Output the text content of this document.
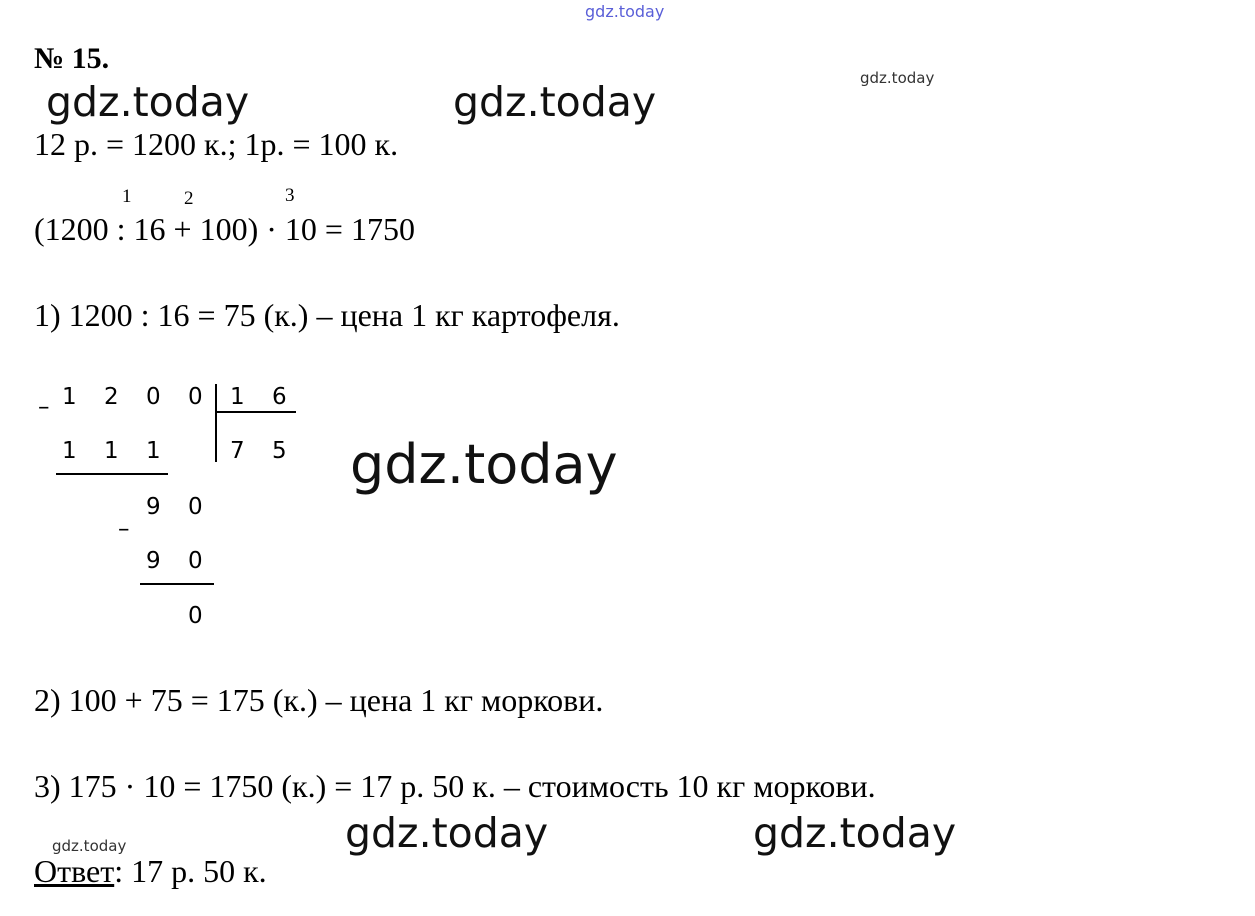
gdz.today
gdz.today
gdz.today	gdz.today
gdz.today
gdz.today	gdz.today	gdz.today
№ 15.
12 р. = 1200 к.; 1р. = 100 к.
1	2	3
(1200 : 16 + 100) · 10 = 1750
1) 1200 : 16 = 75 (к.) – цена 1 кг картофеля.
– 1 2 0 0 1 6
1 1 1	7 5
–
9 0
9 0
0
2) 100 + 75 = 175 (к.) – цена 1 кг моркови.
3) 175 · 10 = 1750 (к.) = 17 р. 50 к. – стоимость 10 кг моркови.
Ответ: 17 р. 50 к.
